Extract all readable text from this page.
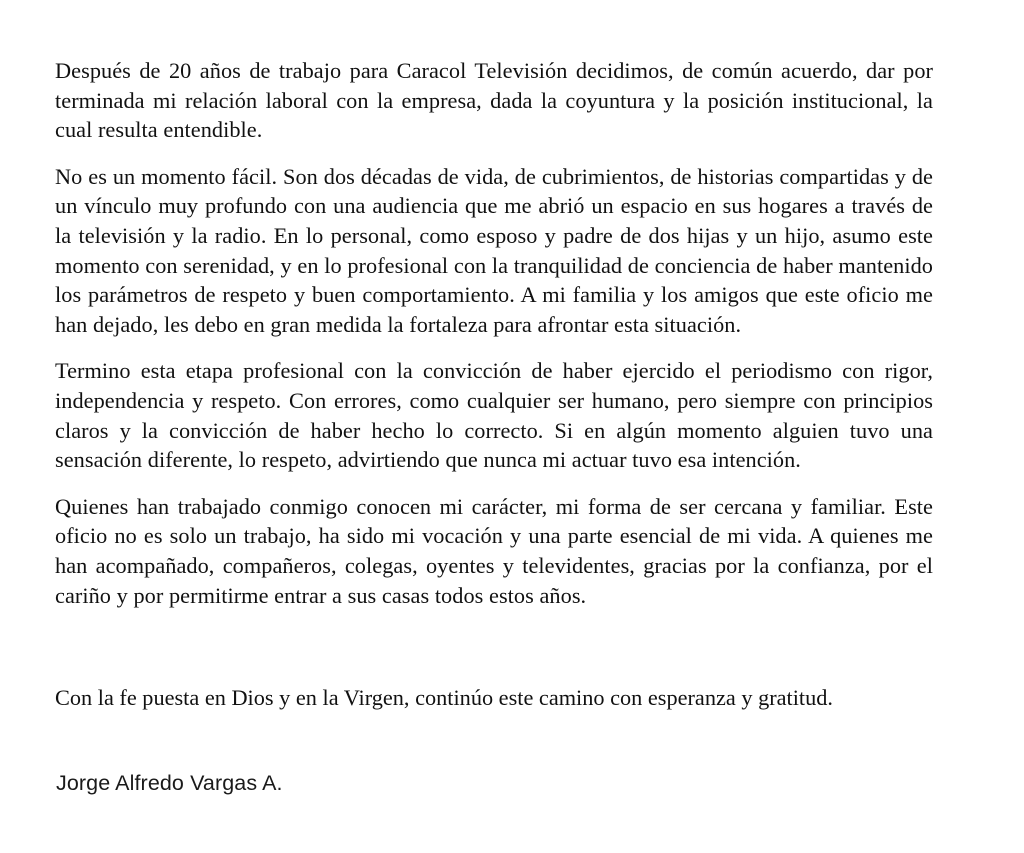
Después de 20 años de trabajo para Caracol Televisión decidimos, de común acuerdo, dar por terminada mi relación laboral con la empresa, dada la coyuntura y la posición institucional, la cual resulta entendible.

No es un momento fácil. Son dos décadas de vida, de cubrimientos, de historias compartidas y de un vínculo muy profundo con una audiencia que me abrió un espacio en sus hogares a través de la televisión y la radio. En lo personal, como esposo y padre de dos hijas y un hijo, asumo este momento con serenidad, y en lo profesional con la tranquilidad de conciencia de haber mantenido los parámetros de respeto y buen comportamiento. A mi familia y los amigos que este oficio me han dejado, les debo en gran medida la fortaleza para afrontar esta situación.

Termino esta etapa profesional con la convicción de haber ejercido el periodismo con rigor, independencia y respeto. Con errores, como cualquier ser humano, pero siempre con principios claros y la convicción de haber hecho lo correcto. Si en algún momento alguien tuvo una sensación diferente, lo respeto, advirtiendo que nunca mi actuar tuvo esa intención.

Quienes han trabajado conmigo conocen mi carácter, mi forma de ser cercana y familiar. Este oficio no es solo un trabajo, ha sido mi vocación y una parte esencial de mi vida. A quienes me han acompañado, compañeros, colegas, oyentes y televidentes, gracias por la confianza, por el cariño y por permitirme entrar a sus casas todos estos años.

Con la fe puesta en Dios y en la Virgen, continúo este camino con esperanza y gratitud.
Jorge Alfredo Vargas A.
